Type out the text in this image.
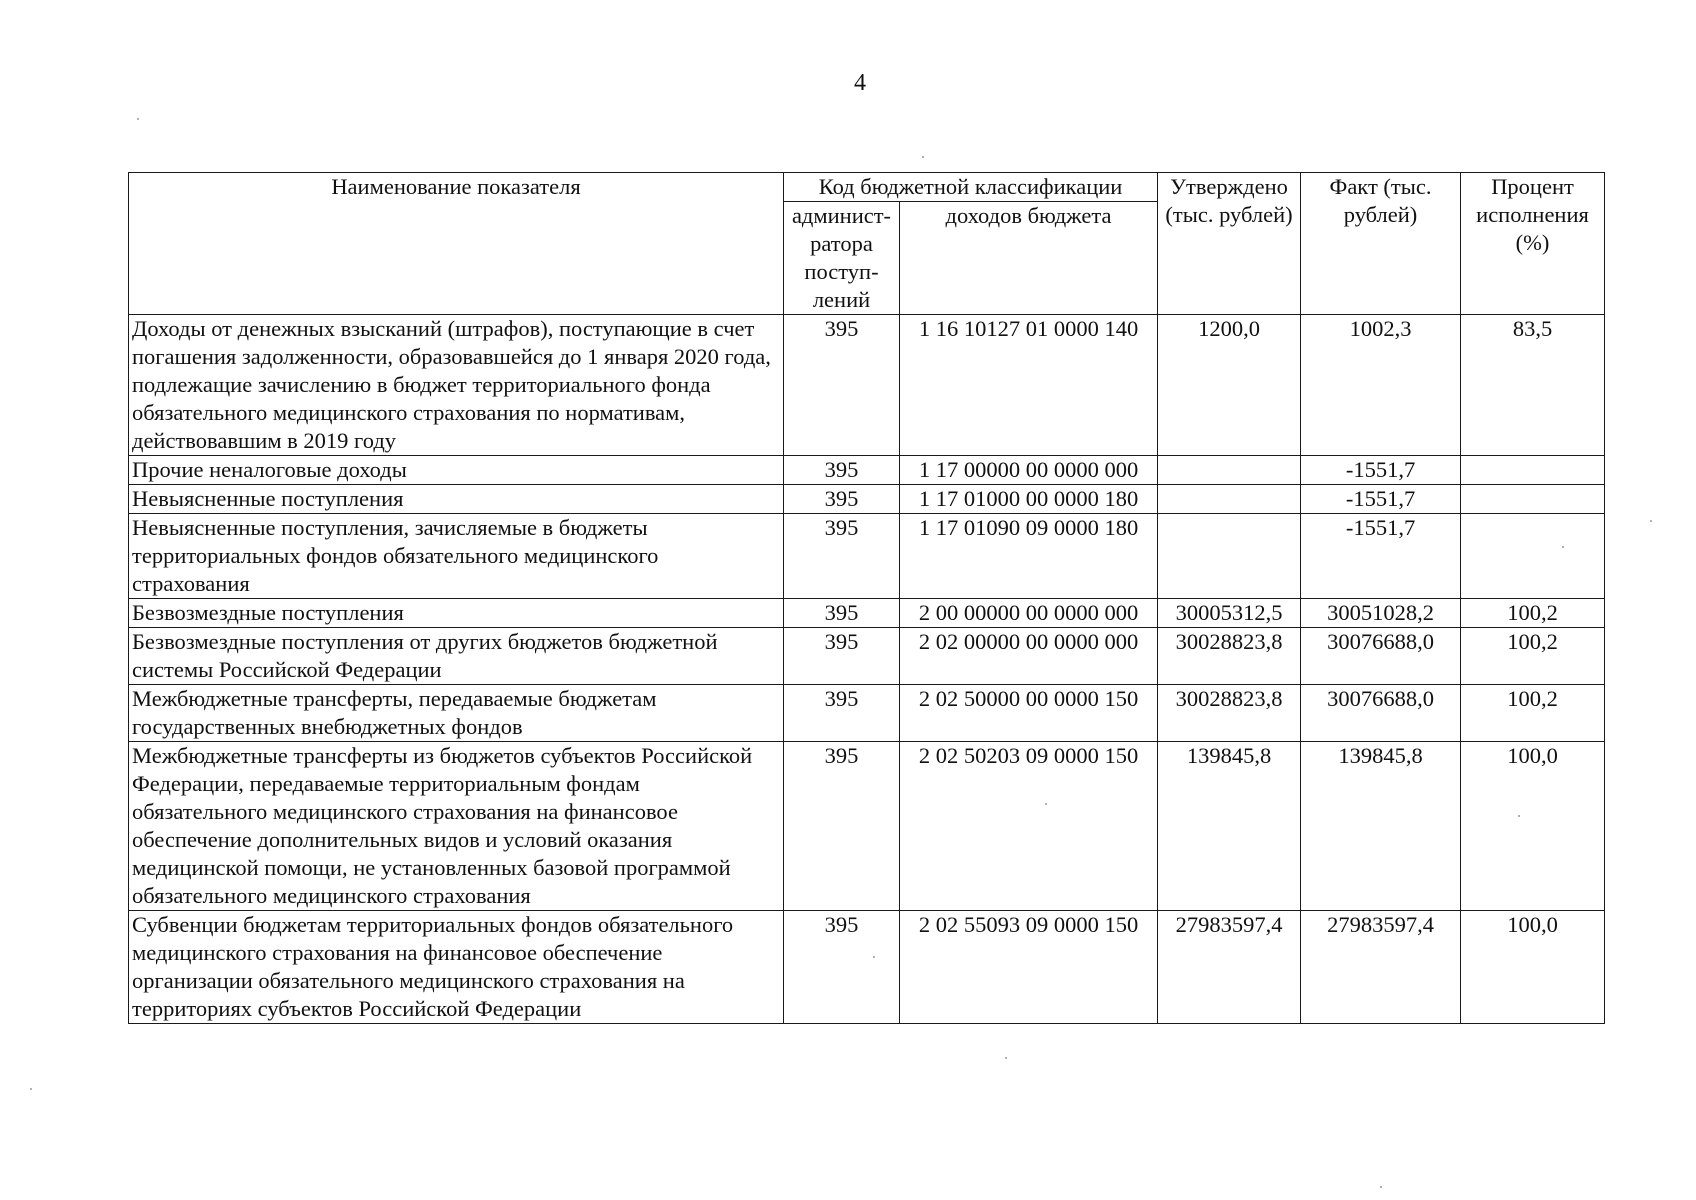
4
Наименование показателя	Код бюджетной классификации		Утверждено (тыс. рублей)	Факт (тыс. рублей)	Процент исполнения (%)
	админист-ратора поступ-лений	доходов бюджета			
Доходы от денежных взысканий (штрафов), поступающие в счет погашения задолженности, образовавшейся до 1 января 2020 года, подлежащие зачислению в бюджет территориального фонда обязательного медицинского страхования по нормативам, действовавшим в 2019 году	395	1 16 10127 01 0000 140	1200,0	1002,3	83,5
Прочие неналоговые доходы	395	1 17 00000 00 0000 000		-1551,7	
Невыясненные поступления	395	1 17 01000 00 0000 180		-1551,7	
Невыясненные поступления, зачисляемые в бюджеты территориальных фондов обязательного медицинского страхования	395	1 17 01090 09 0000 180		-1551,7	
Безвозмездные поступления	395	2 00 00000 00 0000 000	30005312,5	30051028,2	100,2
Безвозмездные поступления от других бюджетов бюджетной системы Российской Федерации	395	2 02 00000 00 0000 000	30028823,8	30076688,0	100,2
Межбюджетные трансферты, передаваемые бюджетам государственных внебюджетных фондов	395	2 02 50000 00 0000 150	30028823,8	30076688,0	100,2
Межбюджетные трансферты из бюджетов субъектов Российской Федерации, передаваемые территориальным фондам обязательного медицинского страхования на финансовое обеспечение дополнительных видов и условий оказания медицинской помощи, не установленных базовой программой обязательного медицинского страхования	395	2 02 50203 09 0000 150	139845,8	139845,8	100,0
Субвенции бюджетам территориальных фондов обязательного медицинского страхования на финансовое обеспечение организации обязательного медицинского страхования на территориях субъектов Российской Федерации	395	2 02 55093 09 0000 150	27983597,4	27983597,4	100,0
